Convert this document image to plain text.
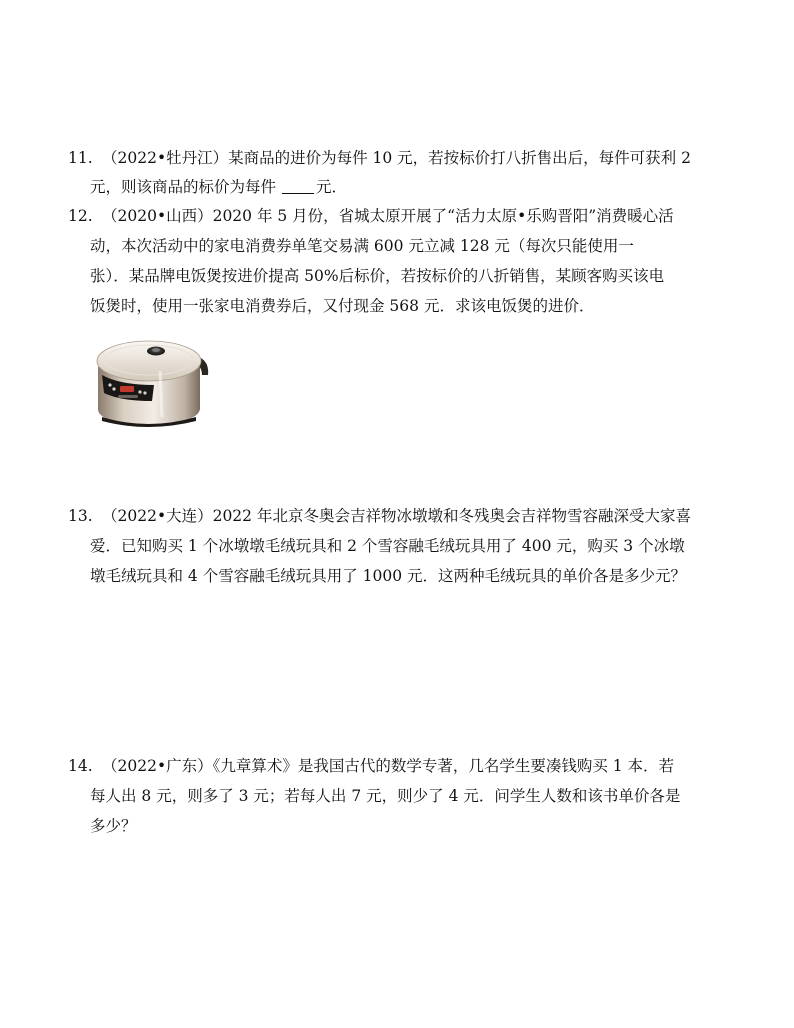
11. （2022•牡丹江）某商品的进价为每件 10 元，若按标价打八折售出后，每件可获利 2
元，则该商品的标价为每件	元．
12. （2020•山西）2020 年 5 月份，省城太原开展了“活力太原•乐购晋阳”消费暖心活
动，本次活动中的家电消费券单笔交易满 600 元立减 128 元（每次只能使用一
张）．某品牌电饭煲按进价提高 50%后标价，若按标价的八折销售，某顾客购买该电
饭煲时，使用一张家电消费券后，又付现金 568 元．求该电饭煲的进价．
13. （2022•大连）2022 年北京冬奥会吉祥物冰墩墩和冬残奥会吉祥物雪容融深受大家喜
爱．已知购买 1 个冰墩墩毛绒玩具和 2 个雪容融毛绒玩具用了 400 元，购买 3 个冰墩
墩毛绒玩具和 4 个雪容融毛绒玩具用了 1000 元．这两种毛绒玩具的单价各是多少元？
14. （2022•广东）《九章算术》是我国古代的数学专著，几名学生要凑钱购买 1 本．若
每人出 8 元，则多了 3 元；若每人出 7 元，则少了 4 元．问学生人数和该书单价各是
多少？
